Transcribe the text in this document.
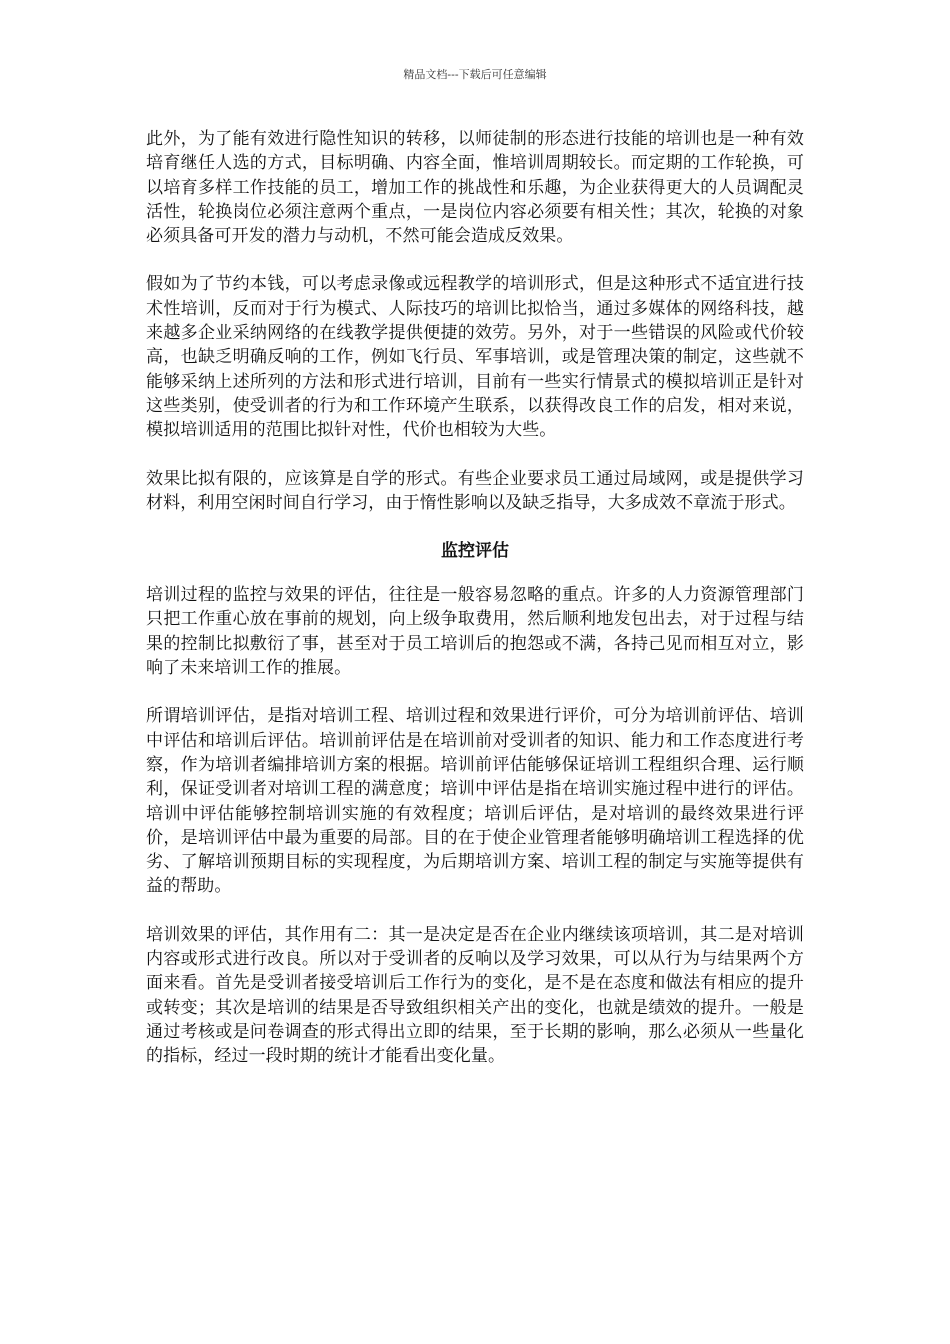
精品文档---下载后可任意编辑

此外，为了能有效进行隐性知识的转移，以师徒制的形态进行技能的培训也是一种有效培育继任人选的方式，目标明确、内容全面，惟培训周期较长。而定期的工作轮换，可以培育多样工作技能的员工，增加工作的挑战性和乐趣，为企业获得更大的人员调配灵活性，轮换岗位必须注意两个重点，一是岗位内容必须要有相关性；其次，轮换的对象必须具备可开发的潜力与动机，不然可能会造成反效果。

假如为了节约本钱，可以考虑录像或远程教学的培训形式，但是这种形式不适宜进行技术性培训，反而对于行为模式、人际技巧的培训比拟恰当，通过多媒体的网络科技，越来越多企业采纳网络的在线教学提供便捷的效劳。另外，对于一些错误的风险或代价较高，也缺乏明确反响的工作，例如飞行员、军事培训，或是管理决策的制定，这些就不能够采纳上述所列的方法和形式进行培训，目前有一些实行情景式的模拟培训正是针对这些类别，使受训者的行为和工作环境产生联系，以获得改良工作的启发，相对来说，模拟培训适用的范围比拟针对性，代价也相较为大些。

效果比拟有限的，应该算是自学的形式。有些企业要求员工通过局域网，或是提供学习材料，利用空闲时间自行学习，由于惰性影响以及缺乏指导，大多成效不章流于形式。

监控评估

培训过程的监控与效果的评估，往往是一般容易忽略的重点。许多的人力资源管理部门只把工作重心放在事前的规划，向上级争取费用，然后顺利地发包出去，对于过程与结果的控制比拟敷衍了事，甚至对于员工培训后的抱怨或不满，各持己见而相互对立，影响了未来培训工作的推展。

所谓培训评估，是指对培训工程、培训过程和效果进行评价，可分为培训前评估、培训中评估和培训后评估。培训前评估是在培训前对受训者的知识、能力和工作态度进行考察，作为培训者编排培训方案的根据。培训前评估能够保证培训工程组织合理、运行顺利，保证受训者对培训工程的满意度；培训中评估是指在培训实施过程中进行的评估。培训中评估能够控制培训实施的有效程度；培训后评估，是对培训的最终效果进行评价，是培训评估中最为重要的局部。目的在于使企业管理者能够明确培训工程选择的优劣、了解培训预期目标的实现程度，为后期培训方案、培训工程的制定与实施等提供有益的帮助。

培训效果的评估，其作用有二：其一是决定是否在企业内继续该项培训，其二是对培训内容或形式进行改良。所以对于受训者的反响以及学习效果，可以从行为与结果两个方面来看。首先是受训者接受培训后工作行为的变化，是不是在态度和做法有相应的提升或转变；其次是培训的结果是否导致组织相关产出的变化，也就是绩效的提升。一般是通过考核或是问卷调查的形式得出立即的结果，至于长期的影响，那么必须从一些量化的指标，经过一段时期的统计才能看出变化量。
